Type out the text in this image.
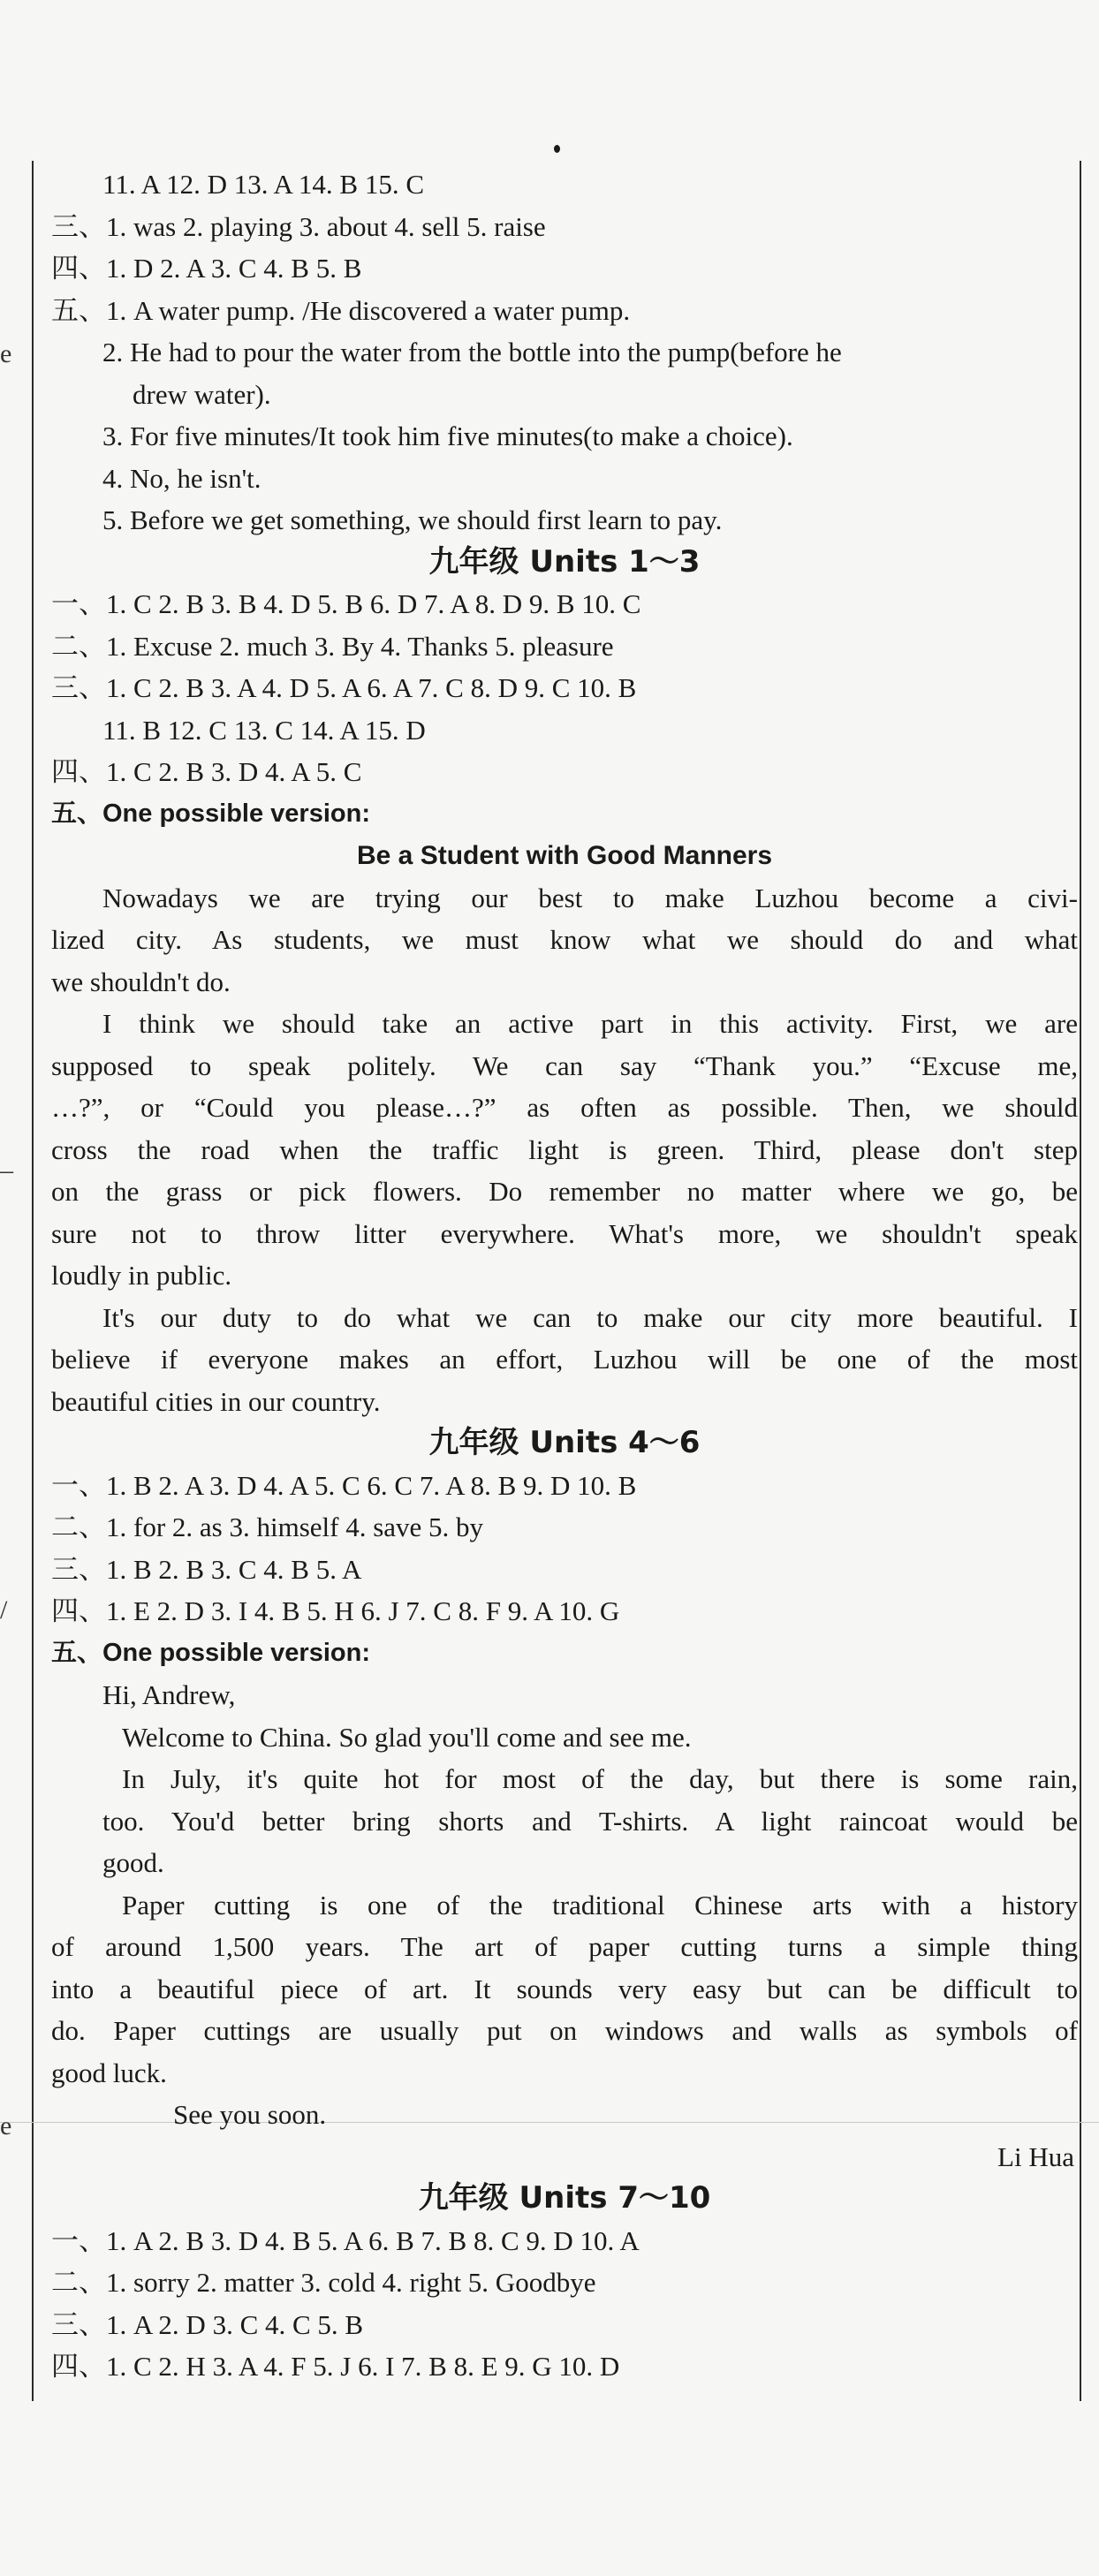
e
–
/
e
11. A 12. D 13. A 14. B 15. C
三、1. was 2. playing 3. about 4. sell 5. raise
四、1. D 2. A 3. C 4. B 5. B
五、1. A water pump. /He discovered a water pump.
2. He had to pour the water from the bottle into the pump(before he
drew water).
3. For five minutes/It took him five minutes(to make a choice).
4. No, he isn't.
5. Before we get something, we should first learn to pay.
九年级 Units 1～3
一、1. C 2. B 3. B 4. D 5. B 6. D 7. A 8. D 9. B 10. C
二、1. Excuse 2. much 3. By 4. Thanks 5. pleasure
三、1. C 2. B 3. A 4. D 5. A 6. A 7. C 8. D 9. C 10. B
11. B 12. C 13. C 14. A 15. D
四、1. C 2. B 3. D 4. A 5. C
五、One possible version:
Be a Student with Good Manners
Nowadays we are trying our best to make Luzhou become a civi-
lized city. As students, we must know what we should do and what
we shouldn't do.
I think we should take an active part in this activity. First, we are
supposed to speak politely. We can say “Thank you.” “Excuse me,
…?”, or “Could you please…?” as often as possible. Then, we should
cross the road when the traffic light is green. Third, please don't step
on the grass or pick flowers. Do remember no matter where we go, be
sure not to throw litter everywhere. What's more, we shouldn't speak
loudly in public.
It's our duty to do what we can to make our city more beautiful. I
believe if everyone makes an effort, Luzhou will be one of the most
beautiful cities in our country.
九年级 Units 4～6
一、1. B 2. A 3. D 4. A 5. C 6. C 7. A 8. B 9. D 10. B
二、1. for 2. as 3. himself 4. save 5. by
三、1. B 2. B 3. C 4. B 5. A
四、1. E 2. D 3. I 4. B 5. H 6. J 7. C 8. F 9. A 10. G
五、One possible version:
Hi, Andrew,
Welcome to China. So glad you'll come and see me.
In July, it's quite hot for most of the day, but there is some rain,
too. You'd better bring shorts and T-shirts. A light raincoat would be
good.
Paper cutting is one of the traditional Chinese arts with a history
of around 1,500 years. The art of paper cutting turns a simple thing
into a beautiful piece of art. It sounds very easy but can be difficult to
do. Paper cuttings are usually put on windows and walls as symbols of
good luck.
See you soon.
Li Hua
九年级 Units 7～10
一、1. A 2. B 3. D 4. B 5. A 6. B 7. B 8. C 9. D 10. A
二、1. sorry 2. matter 3. cold 4. right 5. Goodbye
三、1. A 2. D 3. C 4. C 5. B
四、1. C 2. H 3. A 4. F 5. J 6. I 7. B 8. E 9. G 10. D
